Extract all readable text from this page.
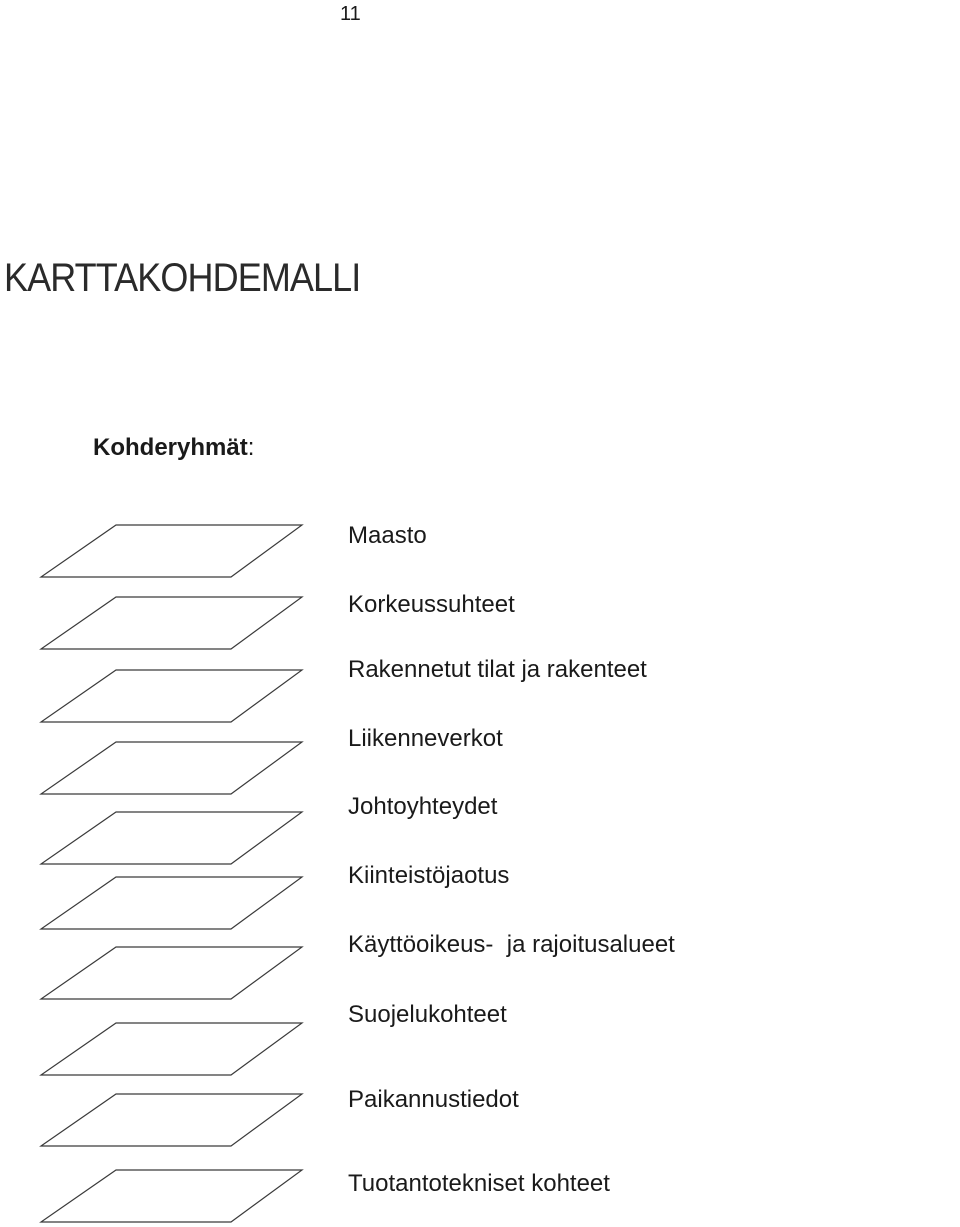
11
KARTTAKOHDEMALLI
Kohderyhmät:
Maasto
Korkeussuhteet
Rakennetut tilat ja rakenteet
Liikenneverkot
Johtoyhteydet
Kiinteistöjaotus
Käyttöoikeus-  ja rajoitusalueet
Suojelukohteet
Paikannustiedot
Tuotantotekniset kohteet
